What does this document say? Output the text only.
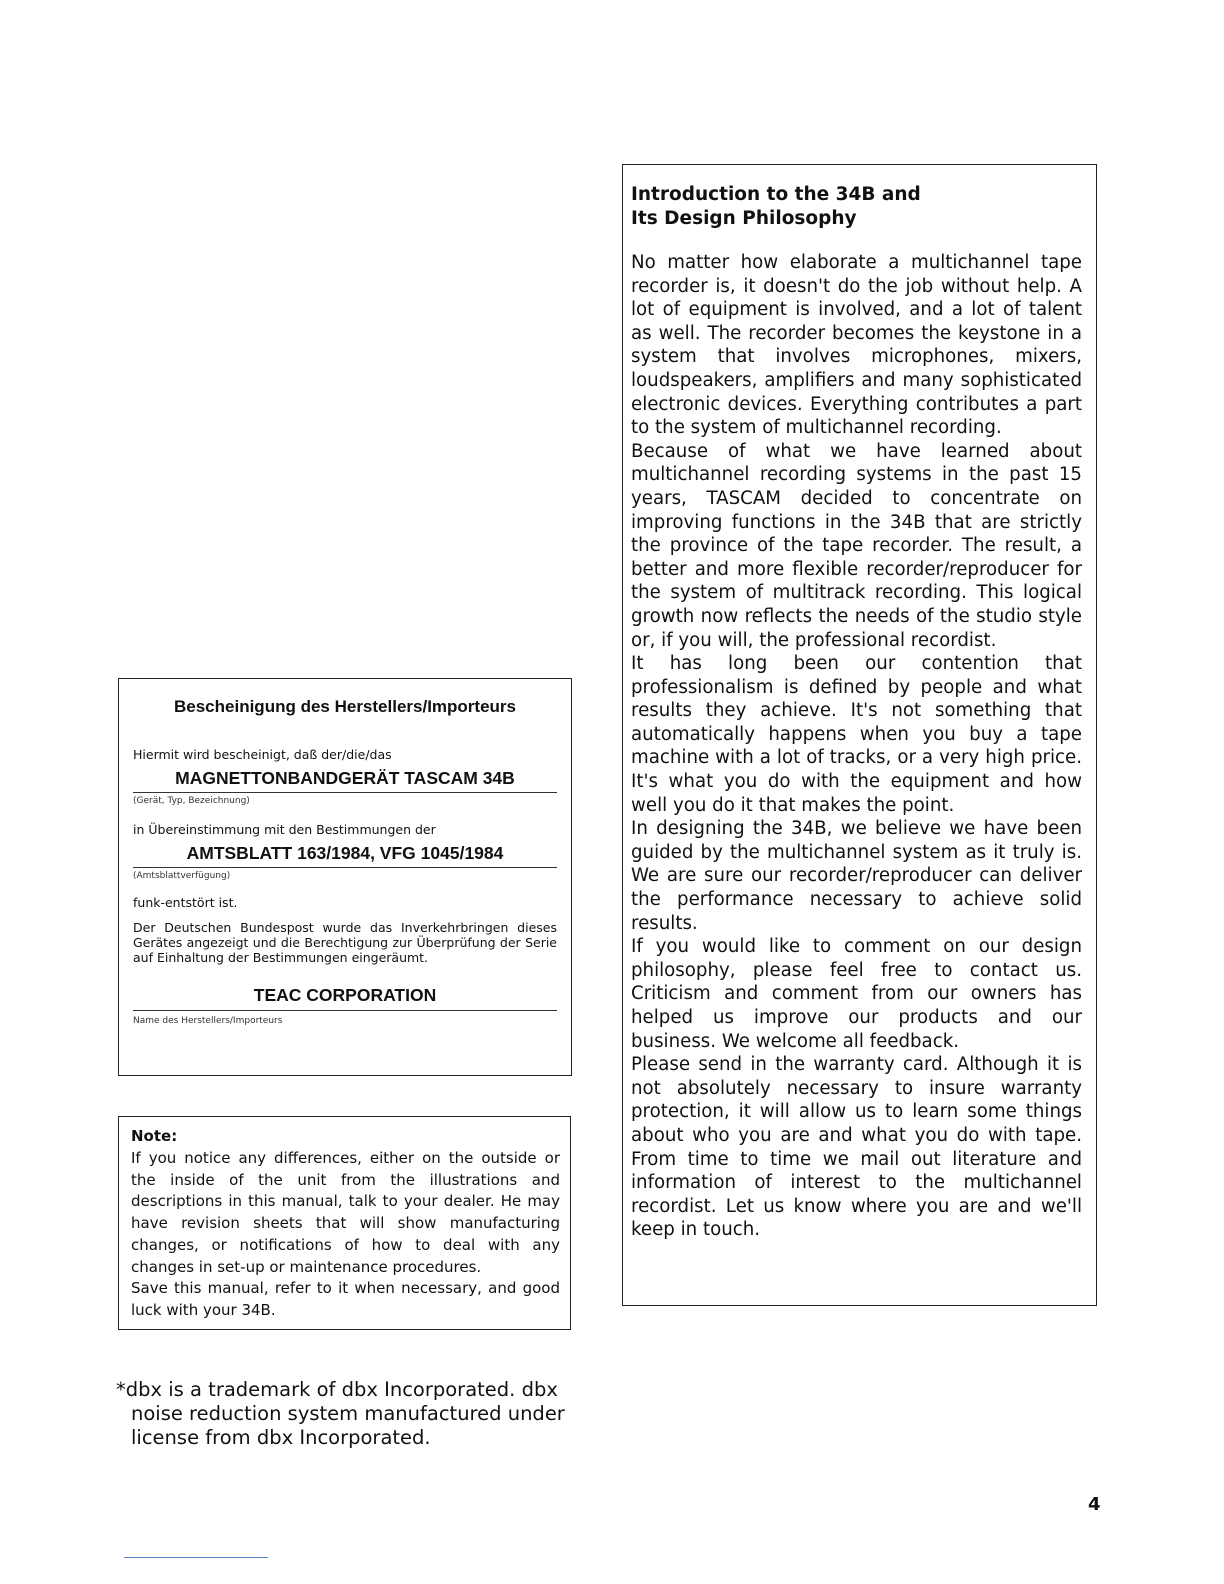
Bescheinigung des Herstellers/Importeurs
Hiermit wird bescheinigt, daß der/die/das
MAGNETTONBANDGERÄT TASCAM 34B
(Gerät, Typ, Bezeichnung)
in Übereinstimmung mit den Bestimmungen der
AMTSBLATT 163/1984, VFG 1045/1984
(Amtsblattverfügung)
funk-entstört ist.
Der Deutschen Bundespost wurde das Inverkehrbringen dieses Gerätes angezeigt und die Berechtigung zur Überprüfung der Serie auf Einhaltung der Bestimmungen eingeräumt.
TEAC CORPORATION
Name des Herstellers/Importeurs
Note:
If you notice any differences, either on the outside or the inside of the unit from the illustrations and descriptions in this manual, talk to your dealer. He may have revision sheets that will show manufacturing changes, or notifications of how to deal with any changes in set-up or maintenance procedures.
Save this manual, refer to it when necessary, and good luck with your 34B.
Introduction to the 34B and
Its Design Philosophy

No matter how elaborate a multichannel tape recorder is, it doesn't do the job without help. A lot of equipment is involved, and a lot of talent as well. The recorder becomes the keystone in a system that involves microphones, mixers, loudspeakers, amplifiers and many sophisticated electronic devices. Everything contributes a part to the system of multichannel recording.

Because of what we have learned about multichannel recording systems in the past 15 years, TASCAM decided to concentrate on improving functions in the 34B that are strictly the province of the tape recorder. The result, a better and more flexible recorder/reproducer for the system of multitrack recording. This logical growth now reflects the needs of the studio style or, if you will, the professional recordist.

It has long been our contention that professionalism is defined by people and what results they achieve. It's not something that automatically happens when you buy a tape machine with a lot of tracks, or a very high price. It's what you do with the equipment and how well you do it that makes the point.

In designing the 34B, we believe we have been guided by the multichannel system as it truly is. We are sure our recorder/reproducer can deliver the performance necessary to achieve solid results.

If you would like to comment on our design philosophy, please feel free to contact us. Criticism and comment from our owners has helped us improve our products and our business. We welcome all feedback.

Please send in the warranty card. Although it is not absolutely necessary to insure warranty protection, it will allow us to learn some things about who you are and what you do with tape. From time to time we mail out literature and information of interest to the multichannel recordist. Let us know where you are and we'll keep in touch.

*dbx is a trademark of dbx Incorporated. dbx
noise reduction system manufactured under
license from dbx Incorporated.
4
